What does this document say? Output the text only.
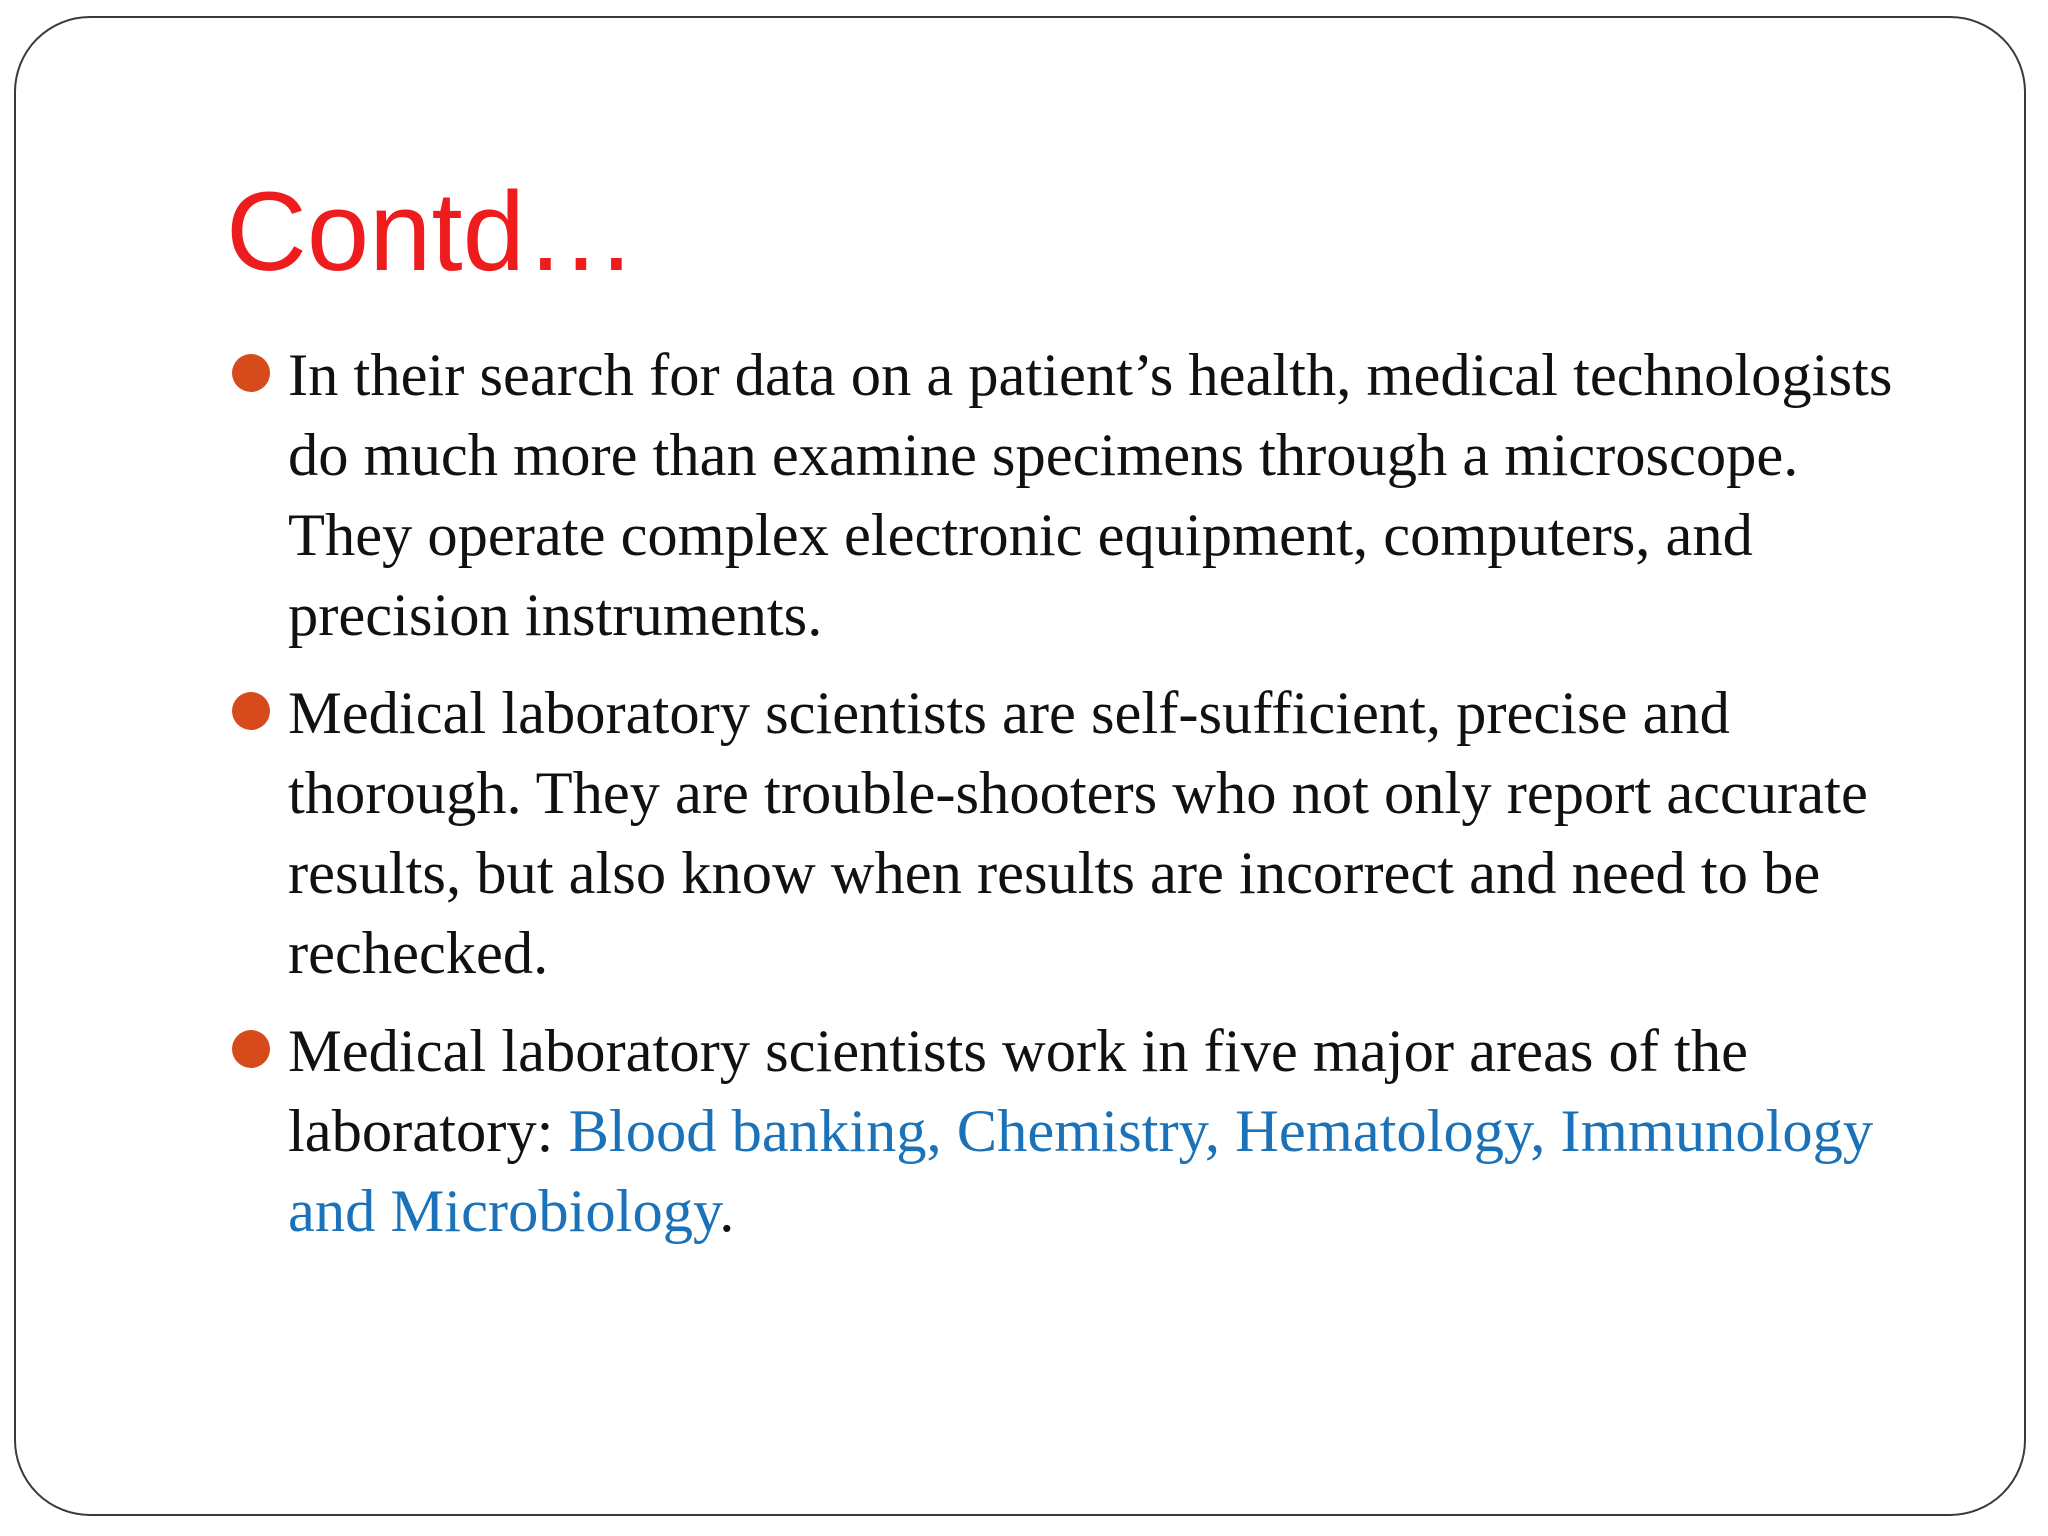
Contd…
In their search for data on a patient’s health, medical technologists do much more than examine specimens through a microscope. They operate complex electronic equipment, computers, and precision instruments.
Medical laboratory scientists are self-sufficient, precise and thorough. They are trouble-shooters who not only report accurate results, but also know when results are incorrect and need to be rechecked.
Medical laboratory scientists work in five major areas of the laboratory: Blood banking, Chemistry, Hematology, Immunology and Microbiology.
